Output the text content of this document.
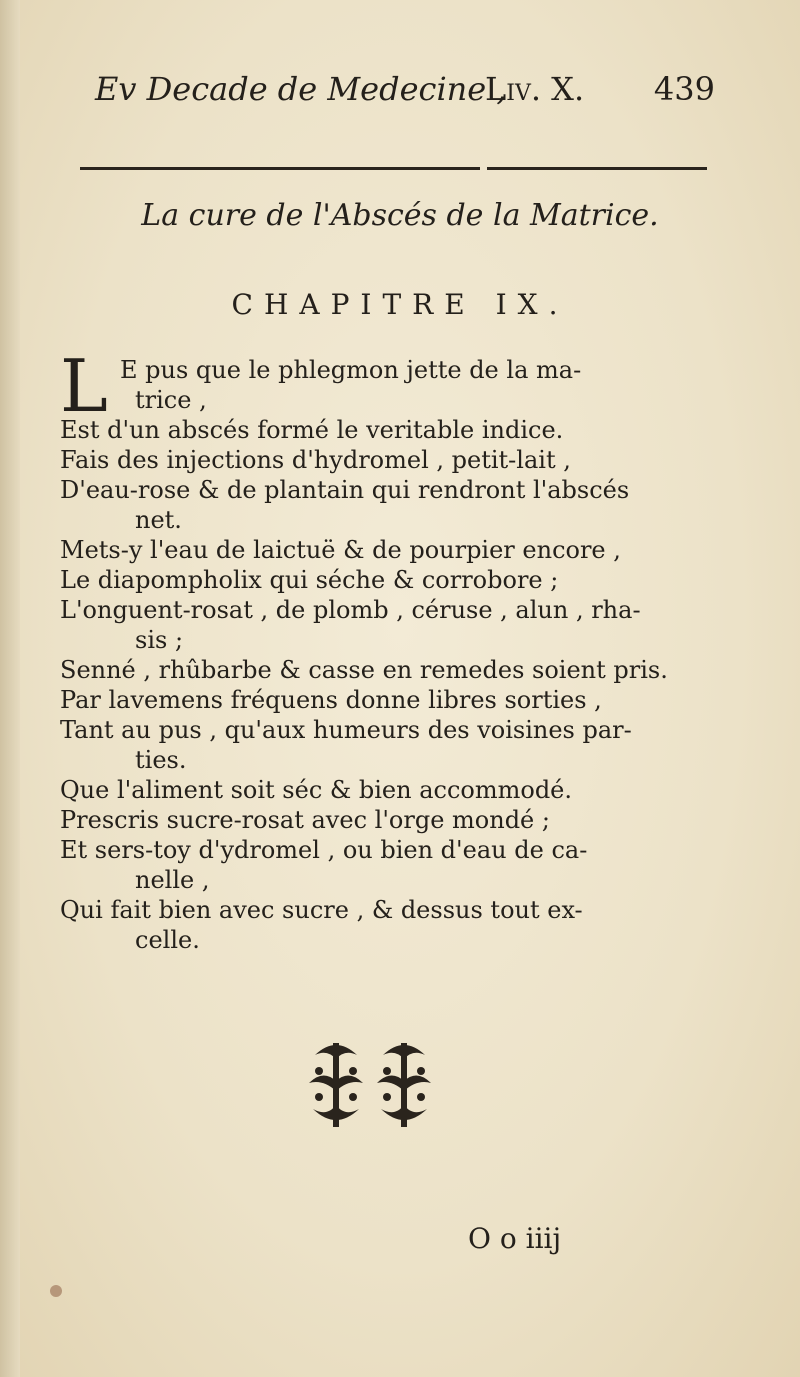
Ev Decade de Medecine ,
Liv. X. 439
La cure de l'Abscés de la Matrice.
CHAPITRE IX.
L E pus que le phlegmon jette de la ma-
trice ,
Est d'un abscés formé le veritable indice.
Fais des injections d'hydromel , petit-lait ,
D'eau-rose & de plantain qui rendront l'abscés
net.
Mets-y l'eau de laictuë & de pourpier encore ,
Le diapompholix qui séche & corrobore ;
L'onguent-rosat , de plomb , céruse , alun , rha-
sis ;
Senné , rhûbarbe & casse en remedes soient pris.
Par lavemens fréquens donne libres sorties ,
Tant au pus , qu'aux humeurs des voisines par-
ties.
Que l'aliment soit séc & bien accommodé.
Prescris sucre-rosat avec l'orge mondé ;
Et sers-toy d'ydromel , ou bien d'eau de ca-
nelle ,
Qui fait bien avec sucre , & dessus tout ex-
celle.
O o iiij
